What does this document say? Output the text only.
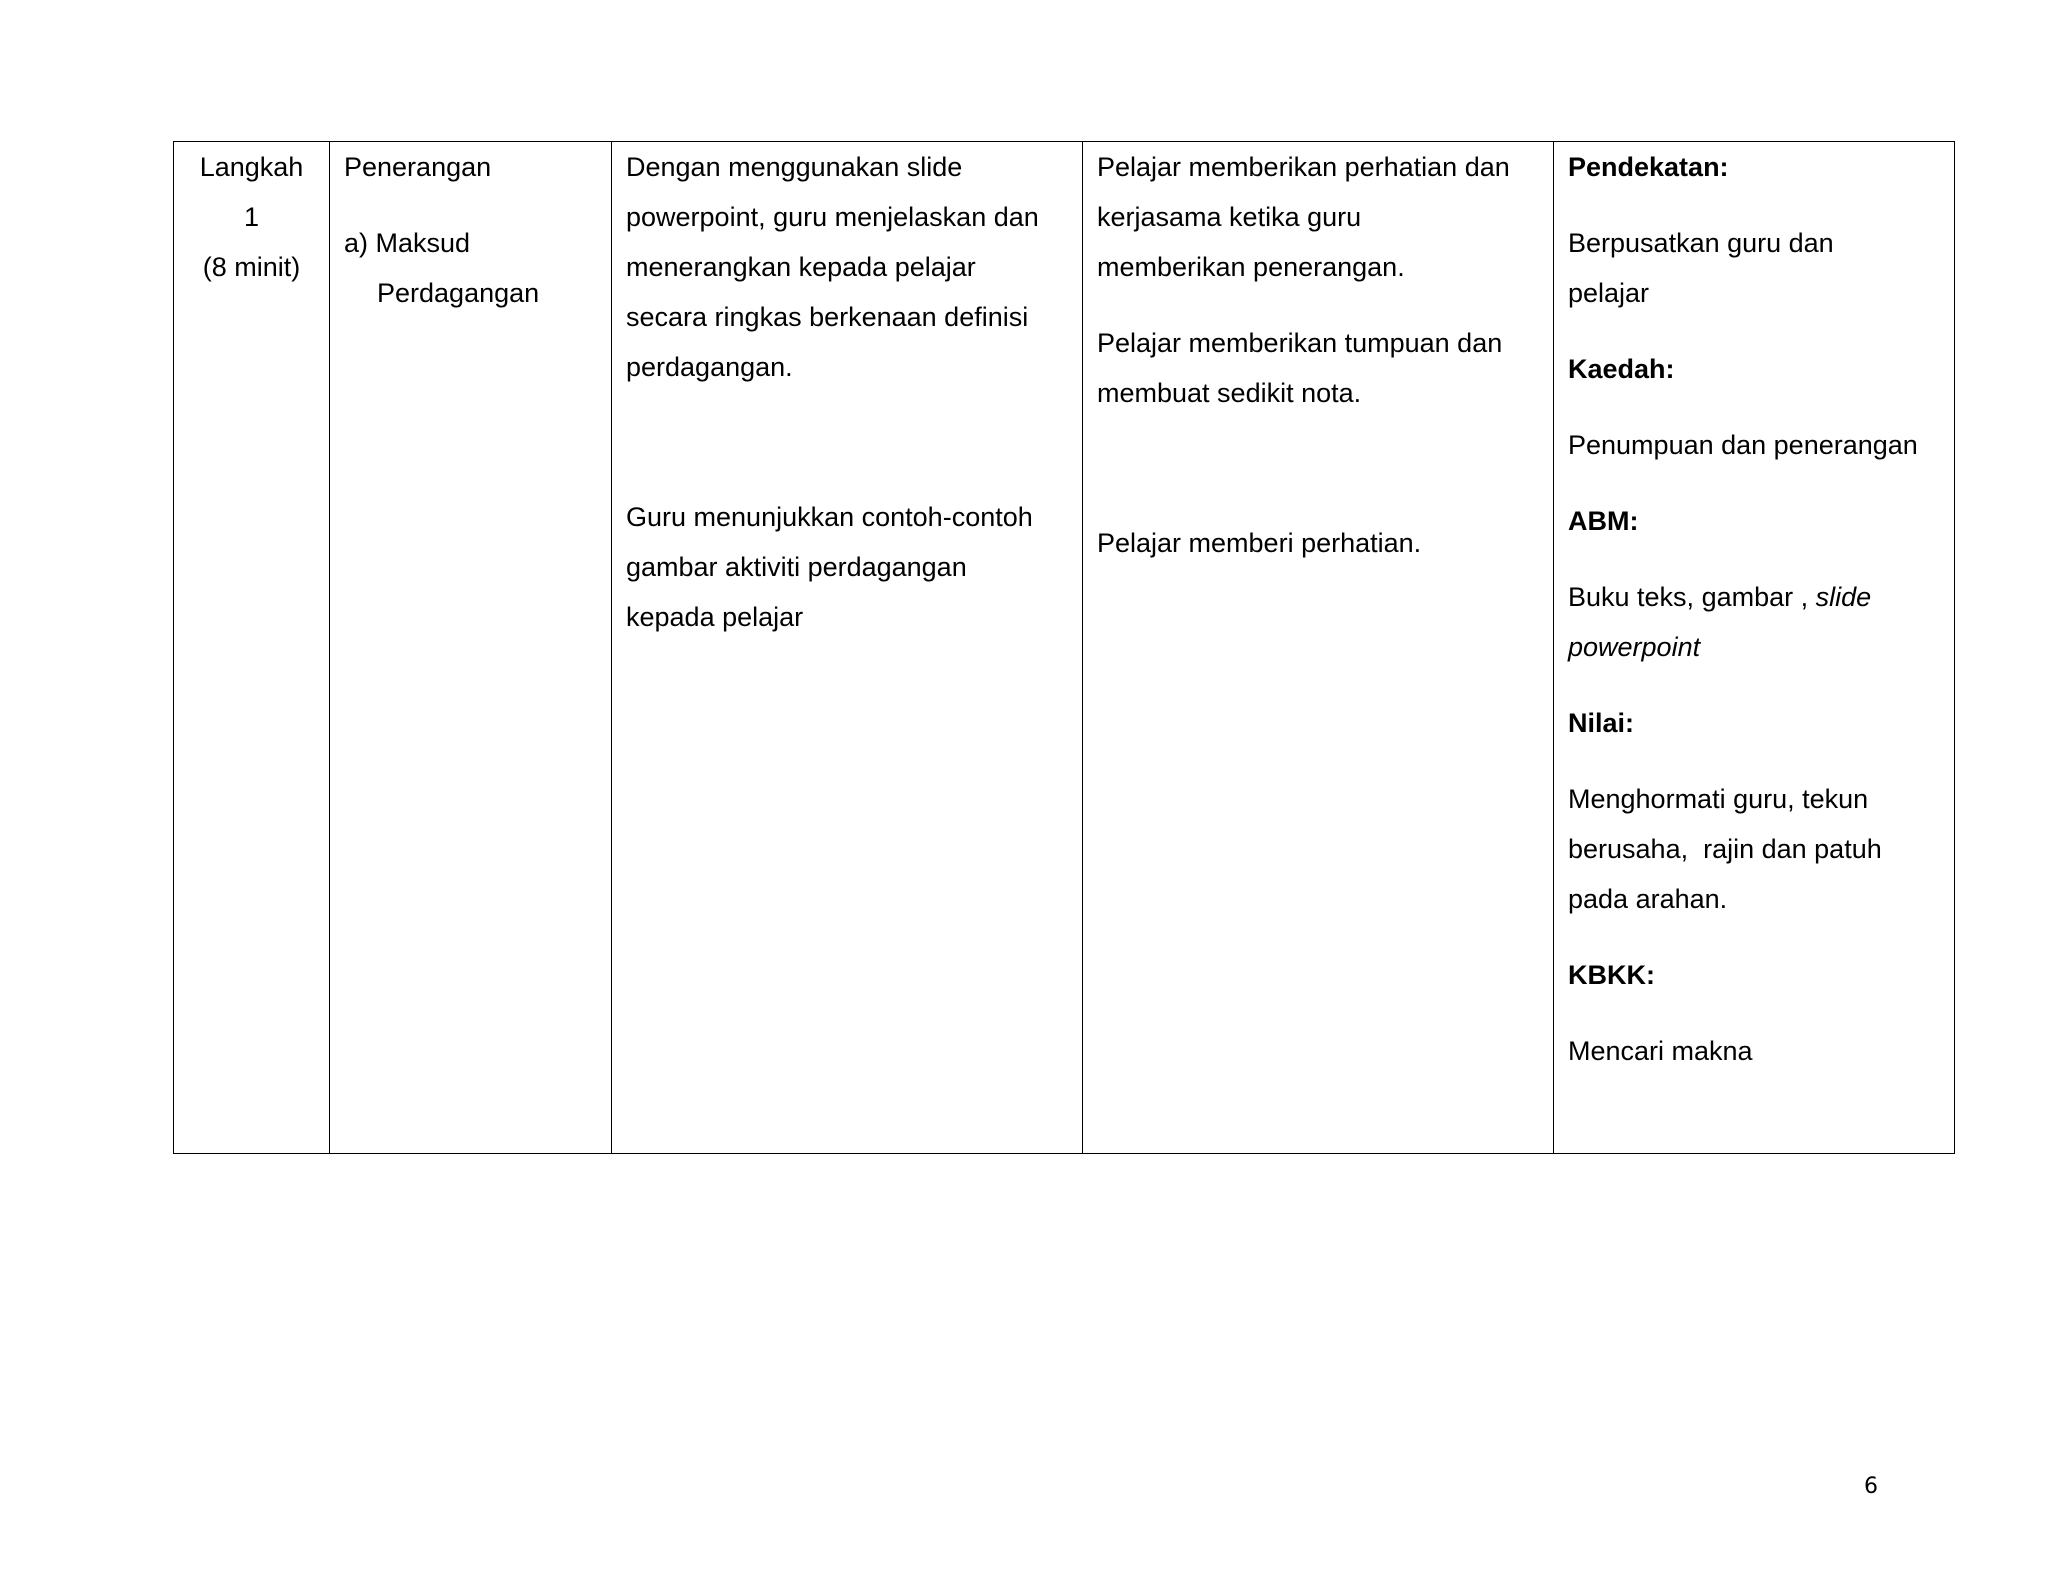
Langkah
1
(8 minit)

Penerangan
a) Maksud
Perdagangan

Dengan menggunakan slide
powerpoint, guru menjelaskan dan
menerangkan kepada pelajar
secara ringkas berkenaan definisi
perdagangan.
Guru menunjukkan contoh-contoh
gambar aktiviti perdagangan
kepada pelajar

Pelajar memberikan perhatian dan
kerjasama ketika guru
memberikan penerangan.
Pelajar memberikan tumpuan dan
membuat sedikit nota.
Pelajar memberi perhatian.

Pendekatan:
Berpusatkan guru dan
pelajar
Kaedah:
Penumpuan dan penerangan
ABM:
Buku teks, gambar , slide
powerpoint
Nilai:
Menghormati guru, tekun
berusaha,  rajin dan patuh
pada arahan.
KBKK:
Mencari makna
6
